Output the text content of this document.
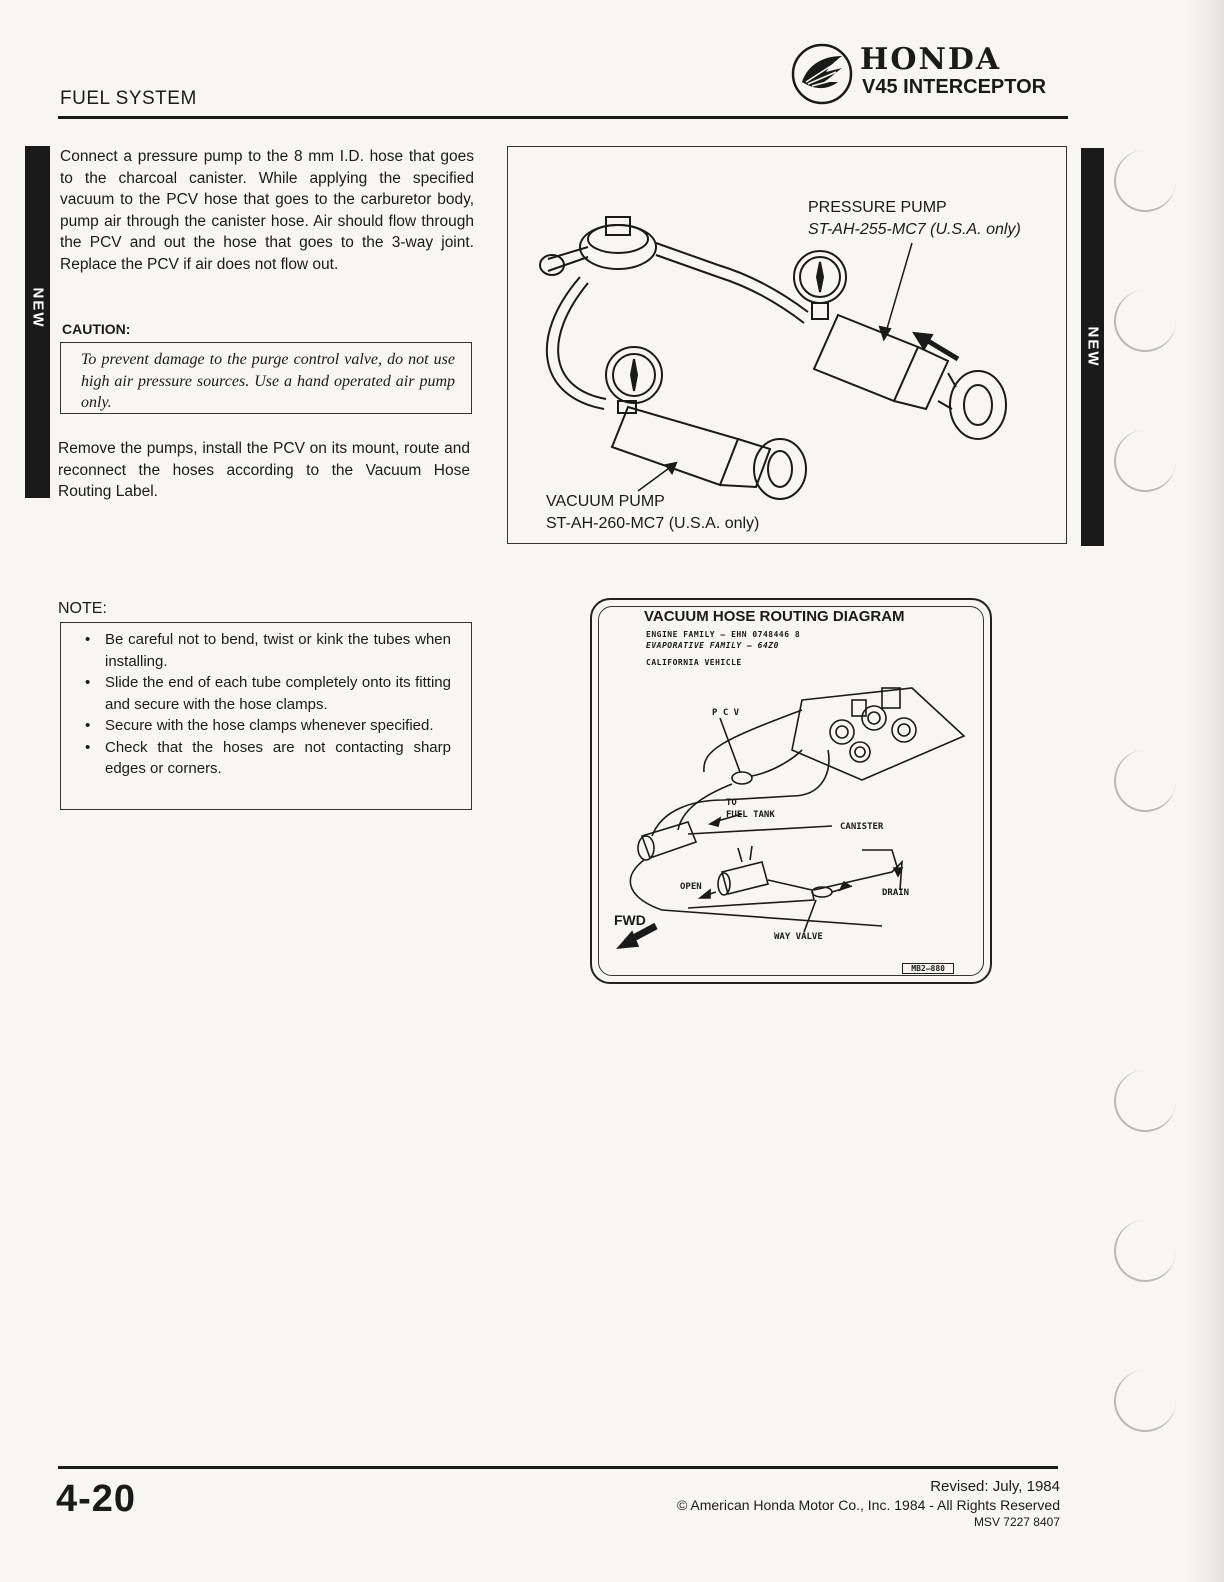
FUEL SYSTEM
HONDA
V45 INTERCEPTOR
NEW
NEW
Connect a pressure pump to the 8 mm I.D. hose that goes to the charcoal canister. While applying the specified vacuum to the PCV hose that goes to the carburetor body, pump air through the canister hose. Air should flow through the PCV and out the hose that goes to the 3-way joint. Replace the PCV if air does not flow out.
CAUTION:
To prevent damage to the purge control valve, do not use high air pressure sources. Use a hand operated air pump only.
Remove the pumps, install the PCV on its mount, route and reconnect the hoses according to the Vacuum Hose Routing Label.
PRESSURE PUMP
ST-AH-255-MC7 (U.S.A. only)
VACUUM PUMP
ST-AH-260-MC7 (U.S.A. only)
NOTE:
• Be careful not to bend, twist or kink the tubes when installing.
• Slide the end of each tube completely onto its fitting and secure with the hose clamps.
• Secure with the hose clamps whenever specified.
• Check that the hoses are not contacting sharp edges or corners.
VACUUM HOSE ROUTING DIAGRAM
ENGINE FAMILY – EHN 0748446 8
EVAPORATIVE FAMILY – 64Z0
CALIFORNIA VEHICLE
P C V
TO
FUEL TANK
CANISTER
OPEN
DRAIN
WAY VALVE
FWD
MB2—880
4-20	Revised: July, 1984
© American Honda Motor Co., Inc. 1984 - All Rights Reserved
MSV 7227 8407
